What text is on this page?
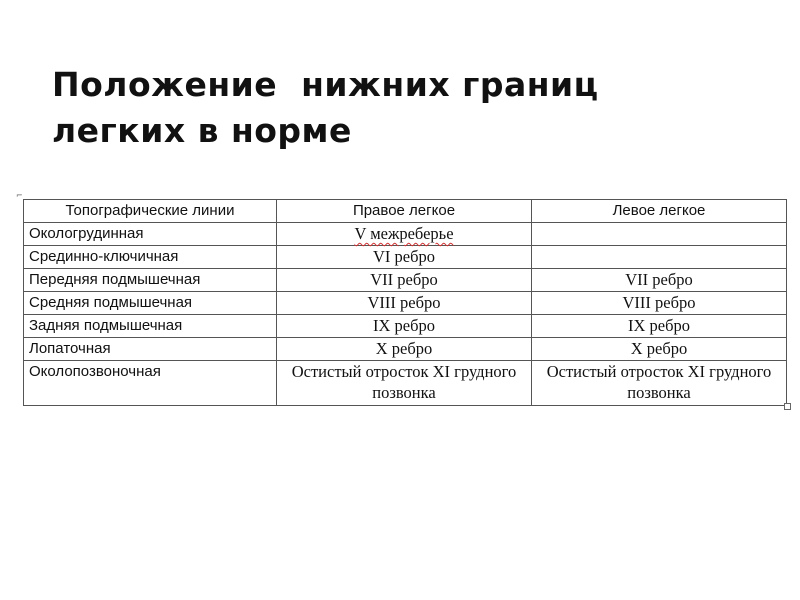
Положение  нижних границ
легких в норме
⌐
Топографические линии	Правое легкое	Левое легкое
Окологрудинная	V межреберье	
Срединно-ключичная	VI ребро	
Передняя подмышечная	VII ребро	VII ребро
Средняя подмышечная	VIII ребро	VIII ребро
Задняя подмышечная	IX ребро	IX ребро
Лопаточная	X ребро	X ребро
Околопозвоночная	Остистый отросток XI грудного позвонка	Остистый отросток XI грудного позвонка
